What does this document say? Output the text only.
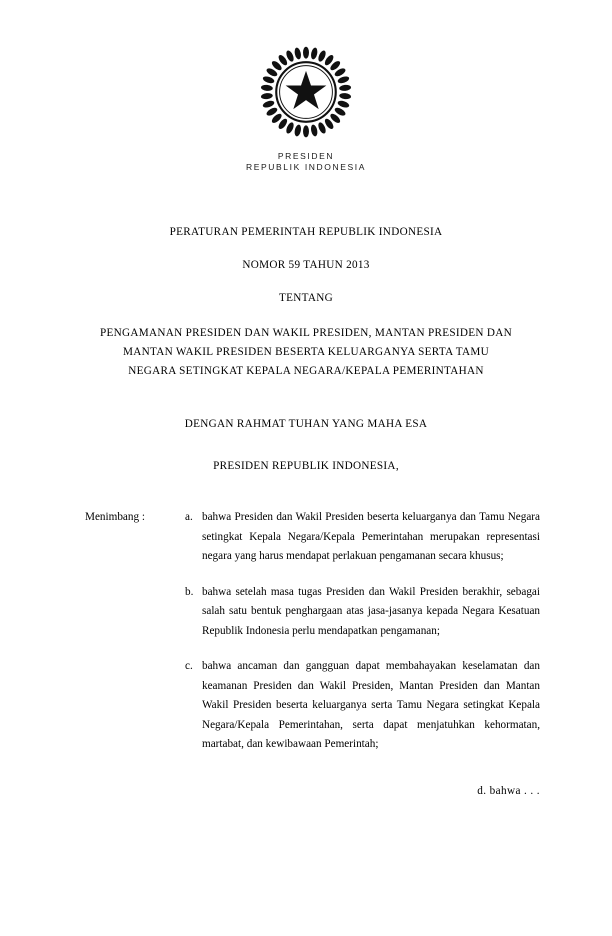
PRESIDEN
REPUBLIK INDONESIA
PERATURAN PEMERINTAH REPUBLIK INDONESIA
NOMOR 59 TAHUN 2013
TENTANG
PENGAMANAN PRESIDEN DAN WAKIL PRESIDEN, MANTAN PRESIDEN DAN
MANTAN WAKIL PRESIDEN BESERTA KELUARGANYA SERTA TAMU
NEGARA SETINGKAT KEPALA NEGARA/KEPALA PEMERINTAHAN
DENGAN RAHMAT TUHAN YANG MAHA ESA
PRESIDEN REPUBLIK INDONESIA,
Menimbang :	a. bahwa Presiden dan Wakil Presiden beserta keluarganya dan Tamu Negara setingkat Kepala Negara/Kepala Pemerintahan merupakan representasi negara yang harus mendapat perlakuan pengamanan secara khusus;
b. bahwa setelah masa tugas Presiden dan Wakil Presiden berakhir, sebagai salah satu bentuk penghargaan atas jasa-jasanya kepada Negara Kesatuan Republik Indonesia perlu mendapatkan pengamanan;
c. bahwa ancaman dan gangguan dapat membahayakan keselamatan dan keamanan Presiden dan Wakil Presiden, Mantan Presiden dan Mantan Wakil Presiden beserta keluarganya serta Tamu Negara setingkat Kepala Negara/Kepala Pemerintahan, serta dapat menjatuhkan kehormatan, martabat, dan kewibawaan Pemerintah;
d. bahwa . . .
